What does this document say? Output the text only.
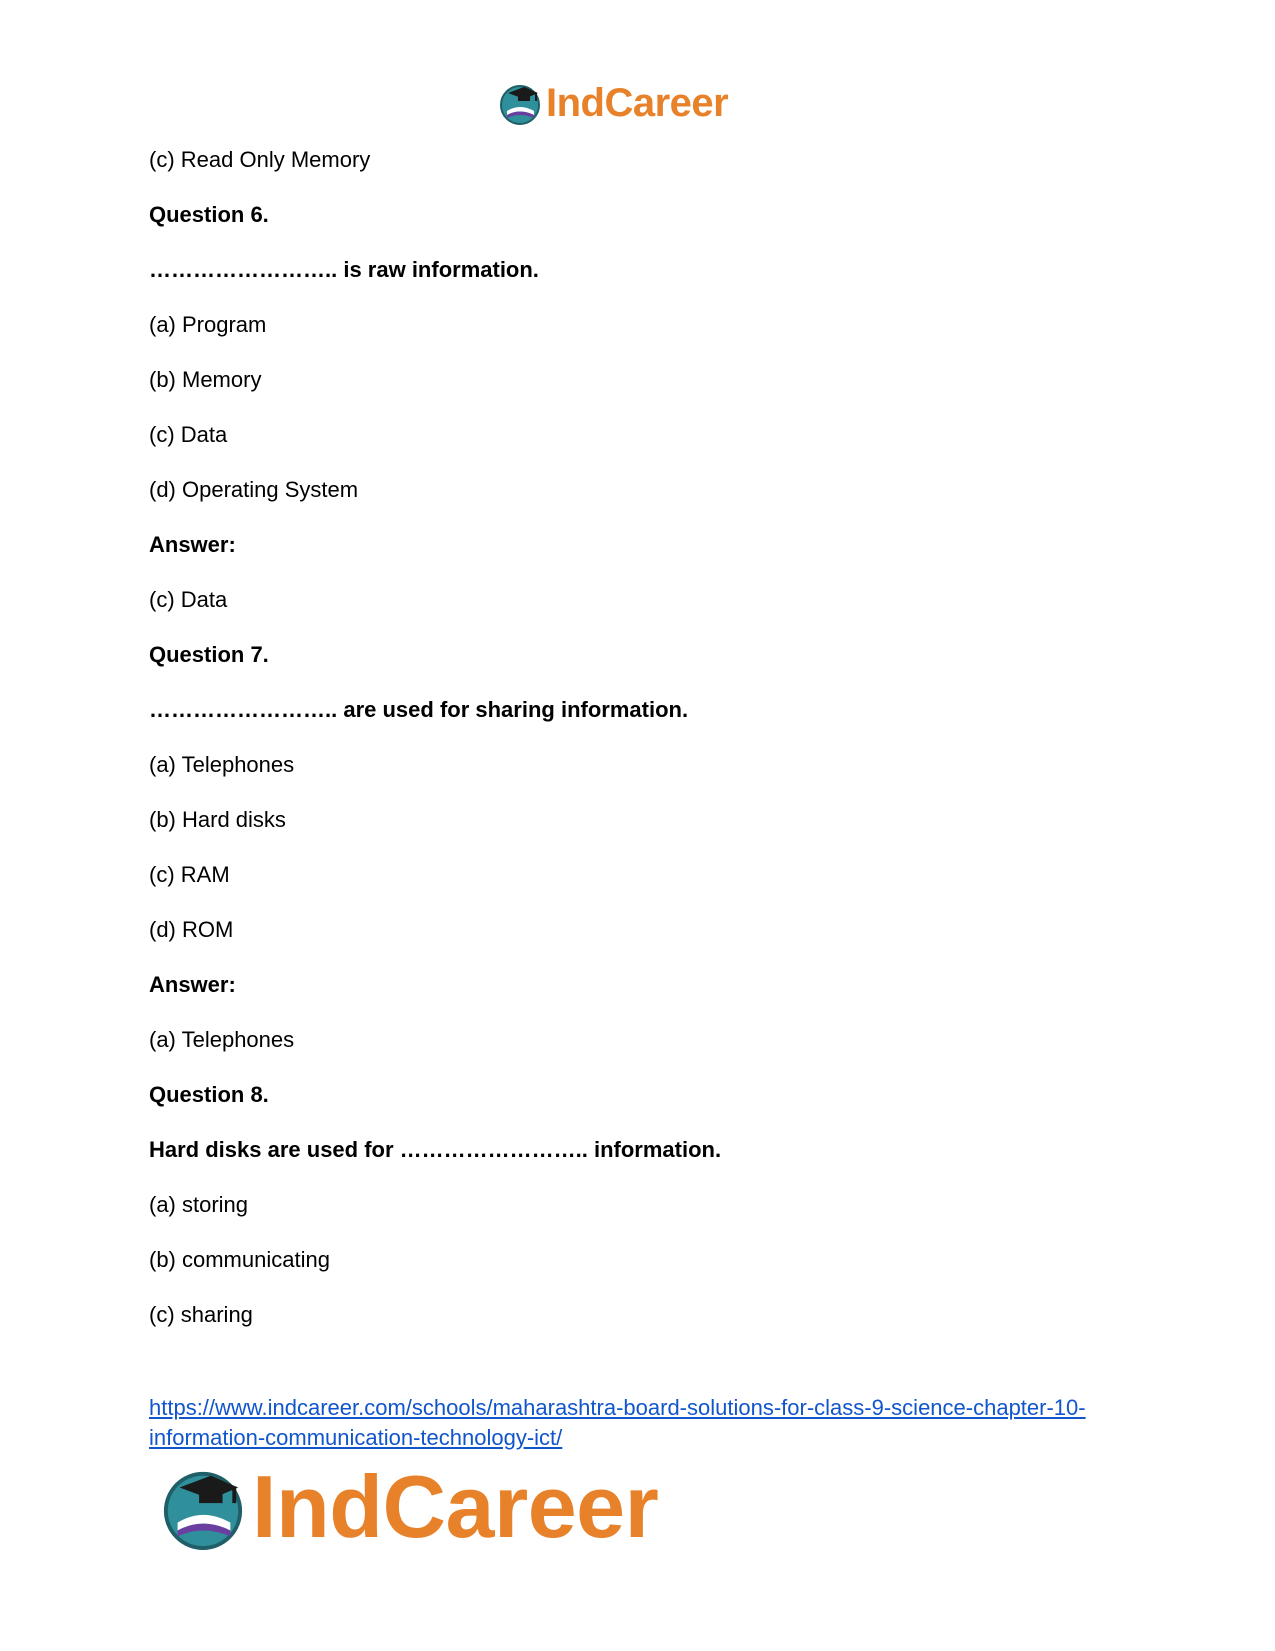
IndCareer
(c) Read Only Memory
Question 6.
…………………….. is raw information.
(a) Program
(b) Memory
(c) Data
(d) Operating System
Answer:
(c) Data
Question 7.
…………………….. are used for sharing information.
(a) Telephones
(b) Hard disks
(c) RAM
(d) ROM
Answer:
(a) Telephones
Question 8.
Hard disks are used for …………………….. information.
(a) storing
(b) communicating
(c) sharing
https://www.indcareer.com/schools/maharashtra-board-solutions-for-class-9-science-chapter-10-
information-communication-technology-ict/
IndCareer
